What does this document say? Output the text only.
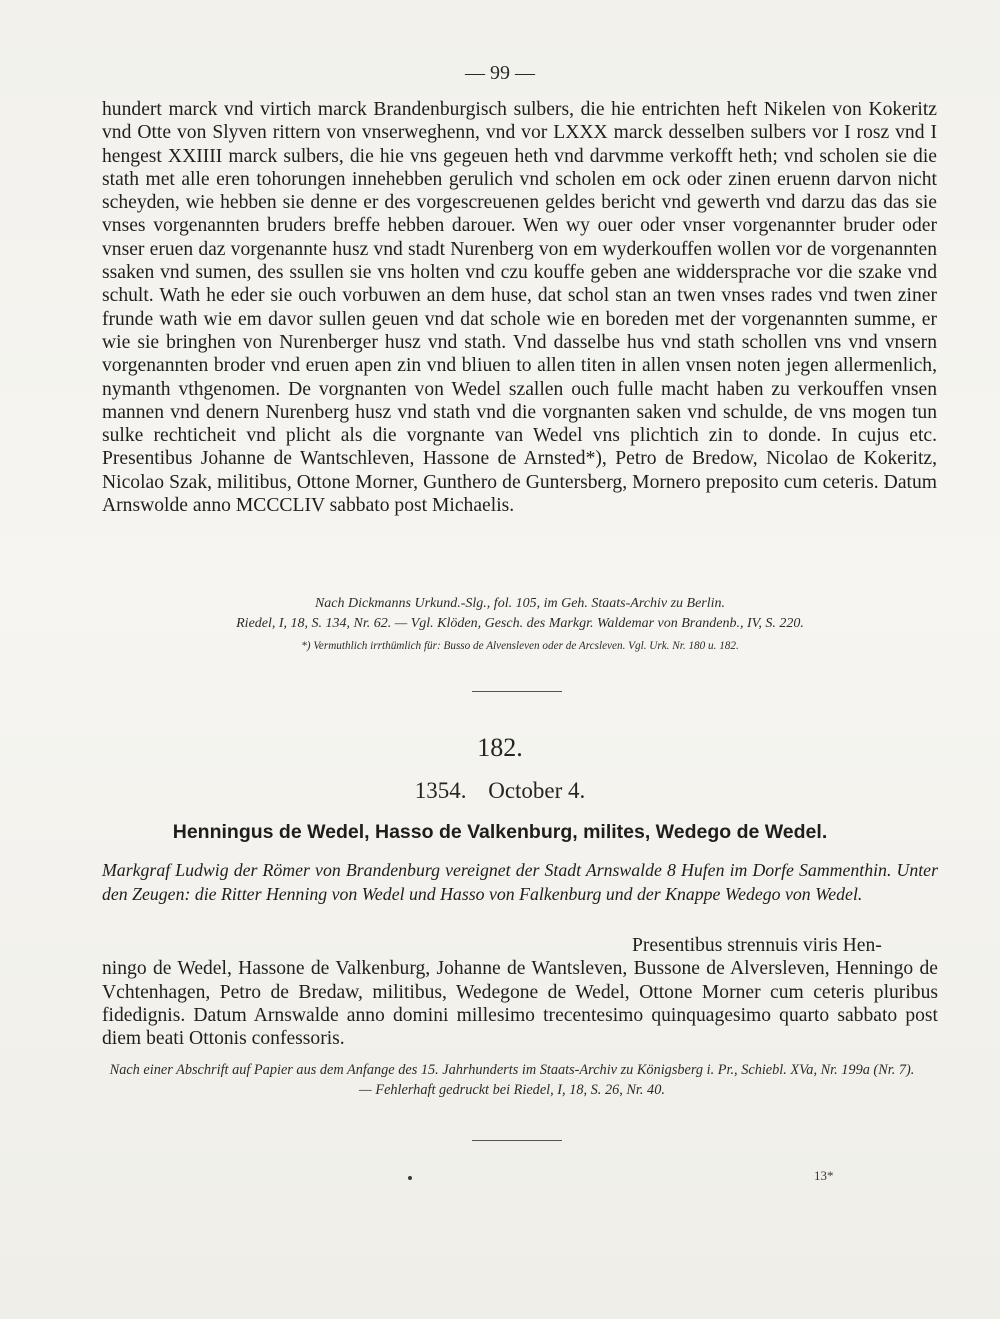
— 99 —
hundert marck vnd virtich marck Brandenburgisch sulbers, die hie entrichten heft Nikelen von Kokeritz vnd Otte von Slyven rittern von vnserweghenn, vnd vor LXXX marck desselben sulbers vor I rosz vnd I hengest XXIIII marck sulbers, die hie vns gegeuen heth vnd darvmme verkofft heth; vnd scholen sie die stath met alle eren tohorungen innehebben gerulich vnd scholen em ock oder zinen eruenn darvon nicht scheyden, wie hebben sie denne er des vorgescreuenen geldes bericht vnd gewerth vnd darzu das das sie vnses vorgenannten bruders breffe hebben darouer. Wen wy ouer oder vnser vorgenannter bruder oder vnser eruen daz vorgenannte husz vnd stadt Nurenberg von em wyderkouffen wollen vor de vorgenannten ssaken vnd sumen, des ssullen sie vns holten vnd czu kouffe geben ane widdersprache vor die szake vnd schult. Wath he eder sie ouch vorbuwen an dem huse, dat schol stan an twen vnses rades vnd twen ziner frunde wath wie em davor sullen geuen vnd dat schole wie en boreden met der vorgenannten summe, er wie sie bringhen von Nurenberger husz vnd stath. Vnd dasselbe hus vnd stath schollen vns vnd vnsern vorgenannten broder vnd eruen apen zin vnd bliuen to allen titen in allen vnsen noten jegen allermenlich, nymanth vthgenomen. De vorgnanten von Wedel szallen ouch fulle macht haben zu verkouffen vnsen mannen vnd denern Nurenberg husz vnd stath vnd die vorgnanten saken vnd schulde, de vns mogen tun sulke rechticheit vnd plicht als die vorgnante van Wedel vns plichtich zin to donde. In cujus etc. Presentibus Johanne de Wantschleven, Hassone de Arnsted*), Petro de Bredow, Nicolao de Kokeritz, Nicolao Szak, militibus, Ottone Morner, Gunthero de Guntersberg, Mornero preposito cum ceteris. Datum Arnswolde anno MCCCLIV sabbato post Michaelis.
Nach Dickmanns Urkund.-Slg., fol. 105, im Geh. Staats-Archiv zu Berlin.
Riedel, I, 18, S. 134, Nr. 62. — Vgl. Klöden, Gesch. des Markgr. Waldemar von Brandenb., IV, S. 220.
*) Vermuthlich irrthümlich für: Busso de Alvensleven oder de Arcsleven. Vgl. Urk. Nr. 180 u. 182.
182.
1354. October 4.
Henningus de Wedel, Hasso de Valkenburg, milites, Wedego de Wedel.
Markgraf Ludwig der Römer von Brandenburg vereignet der Stadt Arnswalde 8 Hufen im Dorfe Sammenthin. Unter den Zeugen: die Ritter Henning von Wedel und Hasso von Falkenburg und der Knappe Wedego von Wedel.
Presentibus strennuis viris Hen-
ningo de Wedel, Hassone de Valkenburg, Johanne de Wantsleven, Bussone de Alversleven, Henningo de Vchtenhagen, Petro de Bredaw, militibus, Wedegone de Wedel, Ottone Morner cum ceteris pluribus fidedignis. Datum Arnswalde anno domini millesimo trecentesimo quinquagesimo quarto sabbato post diem beati Ottonis confessoris.
Nach einer Abschrift auf Papier aus dem Anfange des 15. Jahrhunderts im Staats-Archiv zu Königsberg i. Pr., Schiebl. XVa, Nr. 199a (Nr. 7). — Fehlerhaft gedruckt bei Riedel, I, 18, S. 26, Nr. 40.
13*
